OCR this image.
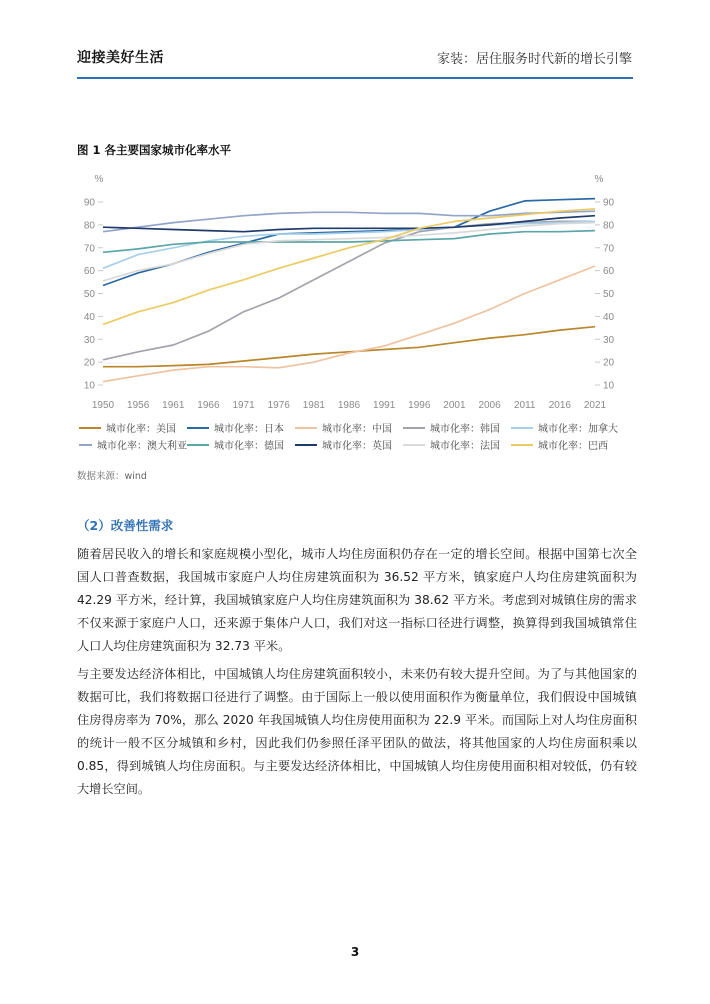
迎接美好生活	家装：居住服务时代新的增长引擎
图 1 各主要国家城市化率水平
%	%
10	10
20	20
30	30
40	40
50	50
60	60
70	70
80	80
90	90
1950 1956 1961 1966 1971 1976 1981 1986 1991 1996 2001 2006 2011 2016 2021
城市化率：美国	城市化率：日本	城市化率：中国	城市化率：韩国	城市化率：加拿大
城市化率：澳大利亚	城市化率：德国	城市化率：英国	城市化率：法国	城市化率：巴西
数据来源：wind
（2）改善性需求

随着居民收入的增长和家庭规模小型化，城市人均住房面积仍存在一定的增长空间。根据中国第七次全国人口普查数据，我国城市家庭户人均住房建筑面积为 36.52 平方米，镇家庭户人均住房建筑面积为 42.29 平方米，经计算，我国城镇家庭户人均住房建筑面积为 38.62 平方米。考虑到对城镇住房的需求不仅来源于家庭户人口，还来源于集体户人口，我们对这一指标口径进行调整，换算得到我国城镇常住人口人均住房建筑面积为 32.73 平米。

与主要发达经济体相比，中国城镇人均住房建筑面积较小，未来仍有较大提升空间。为了与其他国家的数据可比，我们将数据口径进行了调整。由于国际上一般以使用面积作为衡量单位，我们假设中国城镇住房得房率为 70%，那么 2020 年我国城镇人均住房使用面积为 22.9 平米。而国际上对人均住房面积的统计一般不区分城镇和乡村，因此我们仍参照任泽平团队的做法，将其他国家的人均住房面积乘以 0.85，得到城镇人均住房面积。与主要发达经济体相比，中国城镇人均住房使用面积相对较低，仍有较大增长空间。

3
